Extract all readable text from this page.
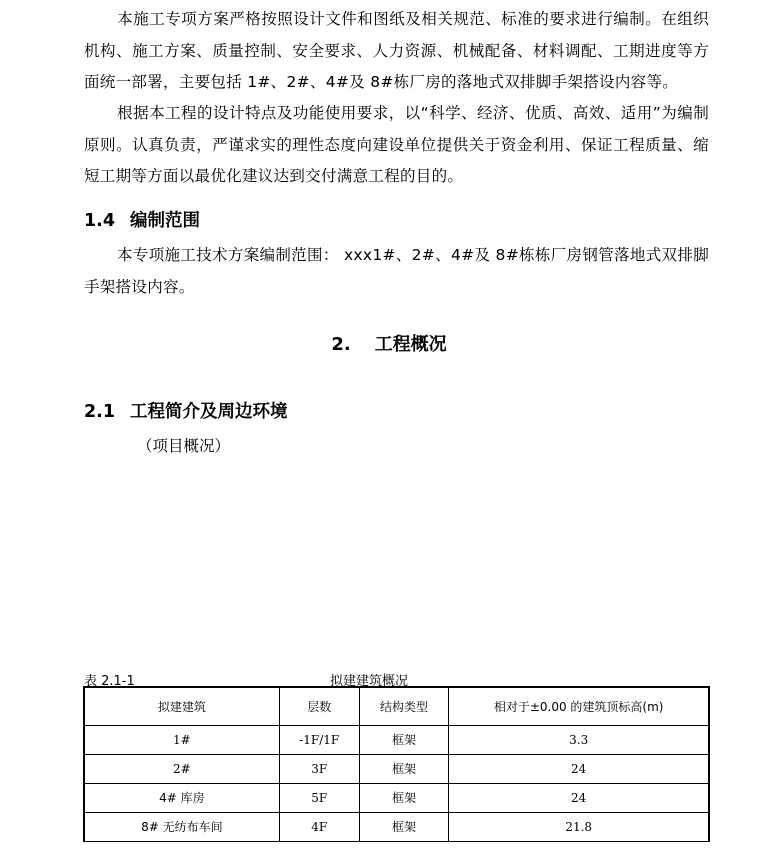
本施工专项方案严格按照设计文件和图纸及相关规范、标准的要求进行编制。在组织机构、施工方案、质量控制、安全要求、人力资源、机械配备、材料调配、工期进度等方面统一部署，主要包括 1#、2#、4#及 8#栋厂房的落地式双排脚手架搭设内容等。

根据本工程的设计特点及功能使用要求，以“科学、经济、优质、高效、适用”为编制原则。认真负责，严谨求实的理性态度向建设单位提供关于资金利用、保证工程质量、缩短工期等方面以最优化建议达到交付满意工程的目的。

1.4 编制范围

本专项施工技术方案编制范围： xxx1#、2#、4#及 8#栋栋厂房钢管落地式双排脚手架搭设内容。

2. 工程概况
2.1 工程简介及周边环境
（项目概况）
表 2.1-1	拟建建筑概况
拟建建筑	层数	结构类型	相对于±0.00 的建筑顶标高(m)
1#	-1F/1F	框架	3.3
2#	3F	框架	24
4# 库房	5F	框架	24
8# 无纺布车间	4F	框架	21.8
